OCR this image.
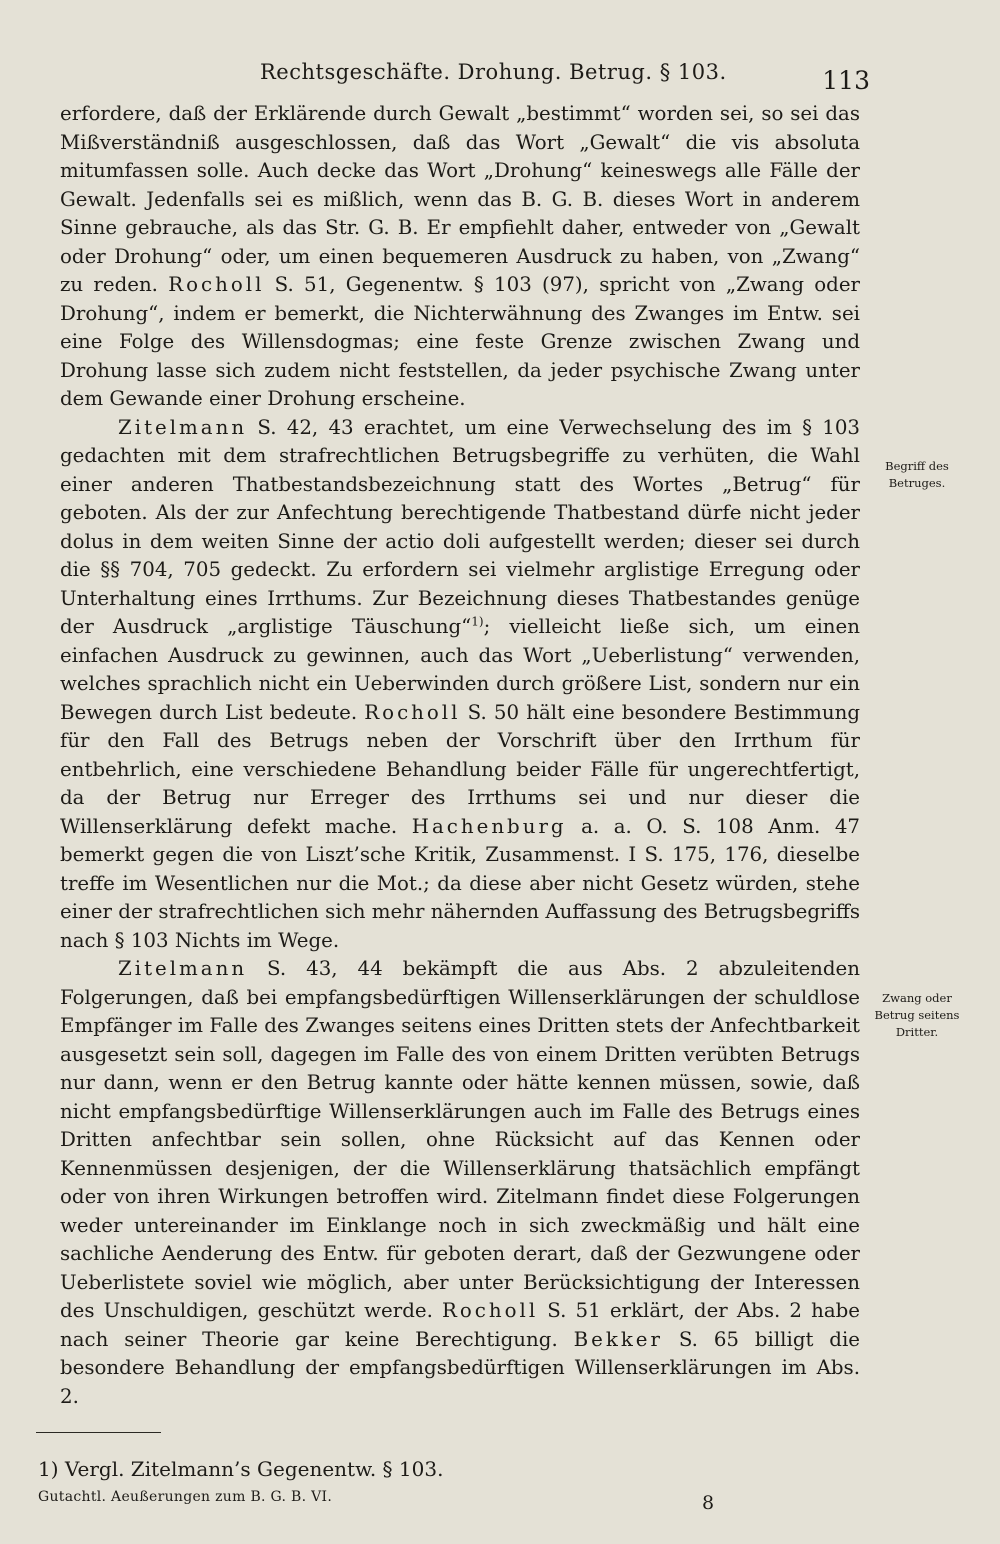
Rechtsgeschäfte. Drohung. Betrug. § 103.	113

erfordere, daß der Erklärende durch Gewalt „bestimmt“ worden sei, so sei das Mißverständniß ausgeschlossen, daß das Wort „Gewalt“ die vis absoluta mitumfassen solle. Auch decke das Wort „Drohung“ keineswegs alle Fälle der Gewalt. Jedenfalls sei es mißlich, wenn das B. G. B. dieses Wort in anderem Sinne gebrauche, als das Str. G. B. Er empfiehlt daher, entweder von „Gewalt oder Drohung“ oder, um einen bequemeren Ausdruck zu haben, von „Zwang“ zu reden. Rocholl S. 51, Gegenentw. § 103 (97), spricht von „Zwang oder Drohung“, indem er bemerkt, die Nichterwähnung des Zwanges im Entw. sei eine Folge des Willensdogmas; eine feste Grenze zwischen Zwang und Drohung lasse sich zudem nicht feststellen, da jeder psychische Zwang unter dem Gewande einer Drohung erscheine.

Zitelmann S. 42, 43 erachtet, um eine Verwechselung des im § 103 gedachten mit dem strafrechtlichen Betrugsbegriffe zu verhüten, die Wahl einer anderen Thatbestandsbezeichnung statt des Wortes „Betrug“ für geboten. Als der zur Anfechtung berechtigende Thatbestand dürfe nicht jeder dolus in dem weiten Sinne der actio doli aufgestellt werden; dieser sei durch die §§ 704, 705 gedeckt. Zu erfordern sei vielmehr arglistige Erregung oder Unterhaltung eines Irrthums. Zur Bezeichnung dieses Thatbestandes genüge der Ausdruck „arglistige Täuschung“$^{1)}$; vielleicht ließe sich, um einen einfachen Ausdruck zu gewinnen, auch das Wort „Ueberlistung“ verwenden, welches sprachlich nicht ein Ueberwinden durch größere List, sondern nur ein Bewegen durch List bedeute. Rocholl S. 50 hält eine besondere Bestimmung für den Fall des Betrugs neben der Vorschrift über den Irrthum für entbehrlich, eine verschiedene Behandlung beider Fälle für ungerechtfertigt, da der Betrug nur Erreger des Irrthums sei und nur dieser die Willenserklärung defekt mache. Hachenburg a. a. O. S. 108 Anm. 47 bemerkt gegen die von Liszt’sche Kritik, Zusammenst. I S. 175, 176, dieselbe treffe im Wesentlichen nur die Mot.; da diese aber nicht Gesetz würden, stehe einer der strafrechtlichen sich mehr nähernden Auffassung des Betrugsbegriffs nach § 103 Nichts im Wege.

Zitelmann S. 43, 44 bekämpft die aus Abs. 2 abzuleitenden Folgerungen, daß bei empfangsbedürftigen Willenserklärungen der schuldlose Empfänger im Falle des Zwanges seitens eines Dritten stets der Anfechtbarkeit ausgesetzt sein soll, dagegen im Falle des von einem Dritten verübten Betrugs nur dann, wenn er den Betrug kannte oder hätte kennen müssen, sowie, daß nicht empfangsbedürftige Willenserklärungen auch im Falle des Betrugs eines Dritten anfechtbar sein sollen, ohne Rücksicht auf das Kennen oder Kennenmüssen desjenigen, der die Willenserklärung thatsächlich empfängt oder von ihren Wirkungen betroffen wird. Zitelmann findet diese Folgerungen weder untereinander im Einklange noch in sich zweckmäßig und hält eine sachliche Aenderung des Entw. für geboten derart, daß der Gezwungene oder Ueberlistete soviel wie möglich, aber unter Berücksichtigung der Interessen des Unschuldigen, geschützt werde. Rocholl S. 51 erklärt, der Abs. 2 habe nach seiner Theorie gar keine Berechtigung. Bekker S. 65 billigt die besondere Behandlung der empfangsbedürftigen Willenserklärungen im Abs. 2.

Begriff des Betruges.
Zwang oder Betrug seitens Dritter.
1) Vergl. Zitelmann’s Gegenentw. § 103.
Gutachtl. Aeußerungen zum B. G. B. VI.	8
